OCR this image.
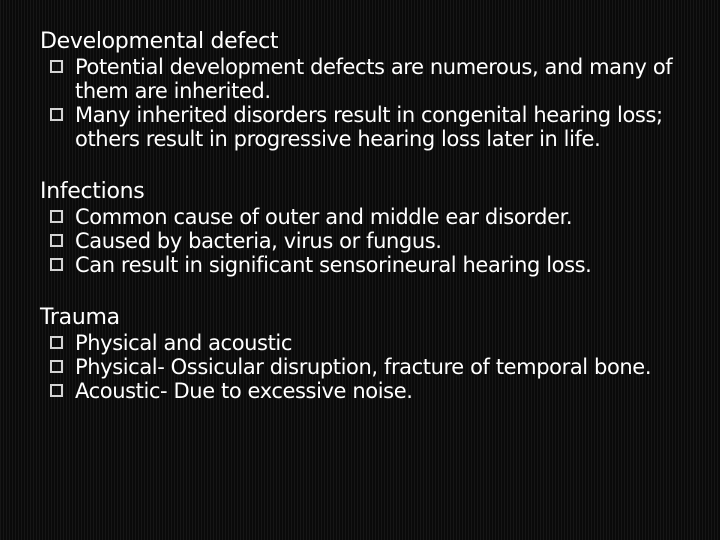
Developmental defect
Potential development defects are numerous, and many of them are inherited.
Many inherited disorders result in congenital hearing loss; others result in progressive hearing loss later in life.
Infections
Common cause of outer and middle ear disorder.
Caused by bacteria, virus or fungus.
Can result in significant sensorineural hearing loss.
Trauma
Physical and acoustic
Physical- Ossicular disruption, fracture of temporal bone.
Acoustic- Due to excessive noise.
